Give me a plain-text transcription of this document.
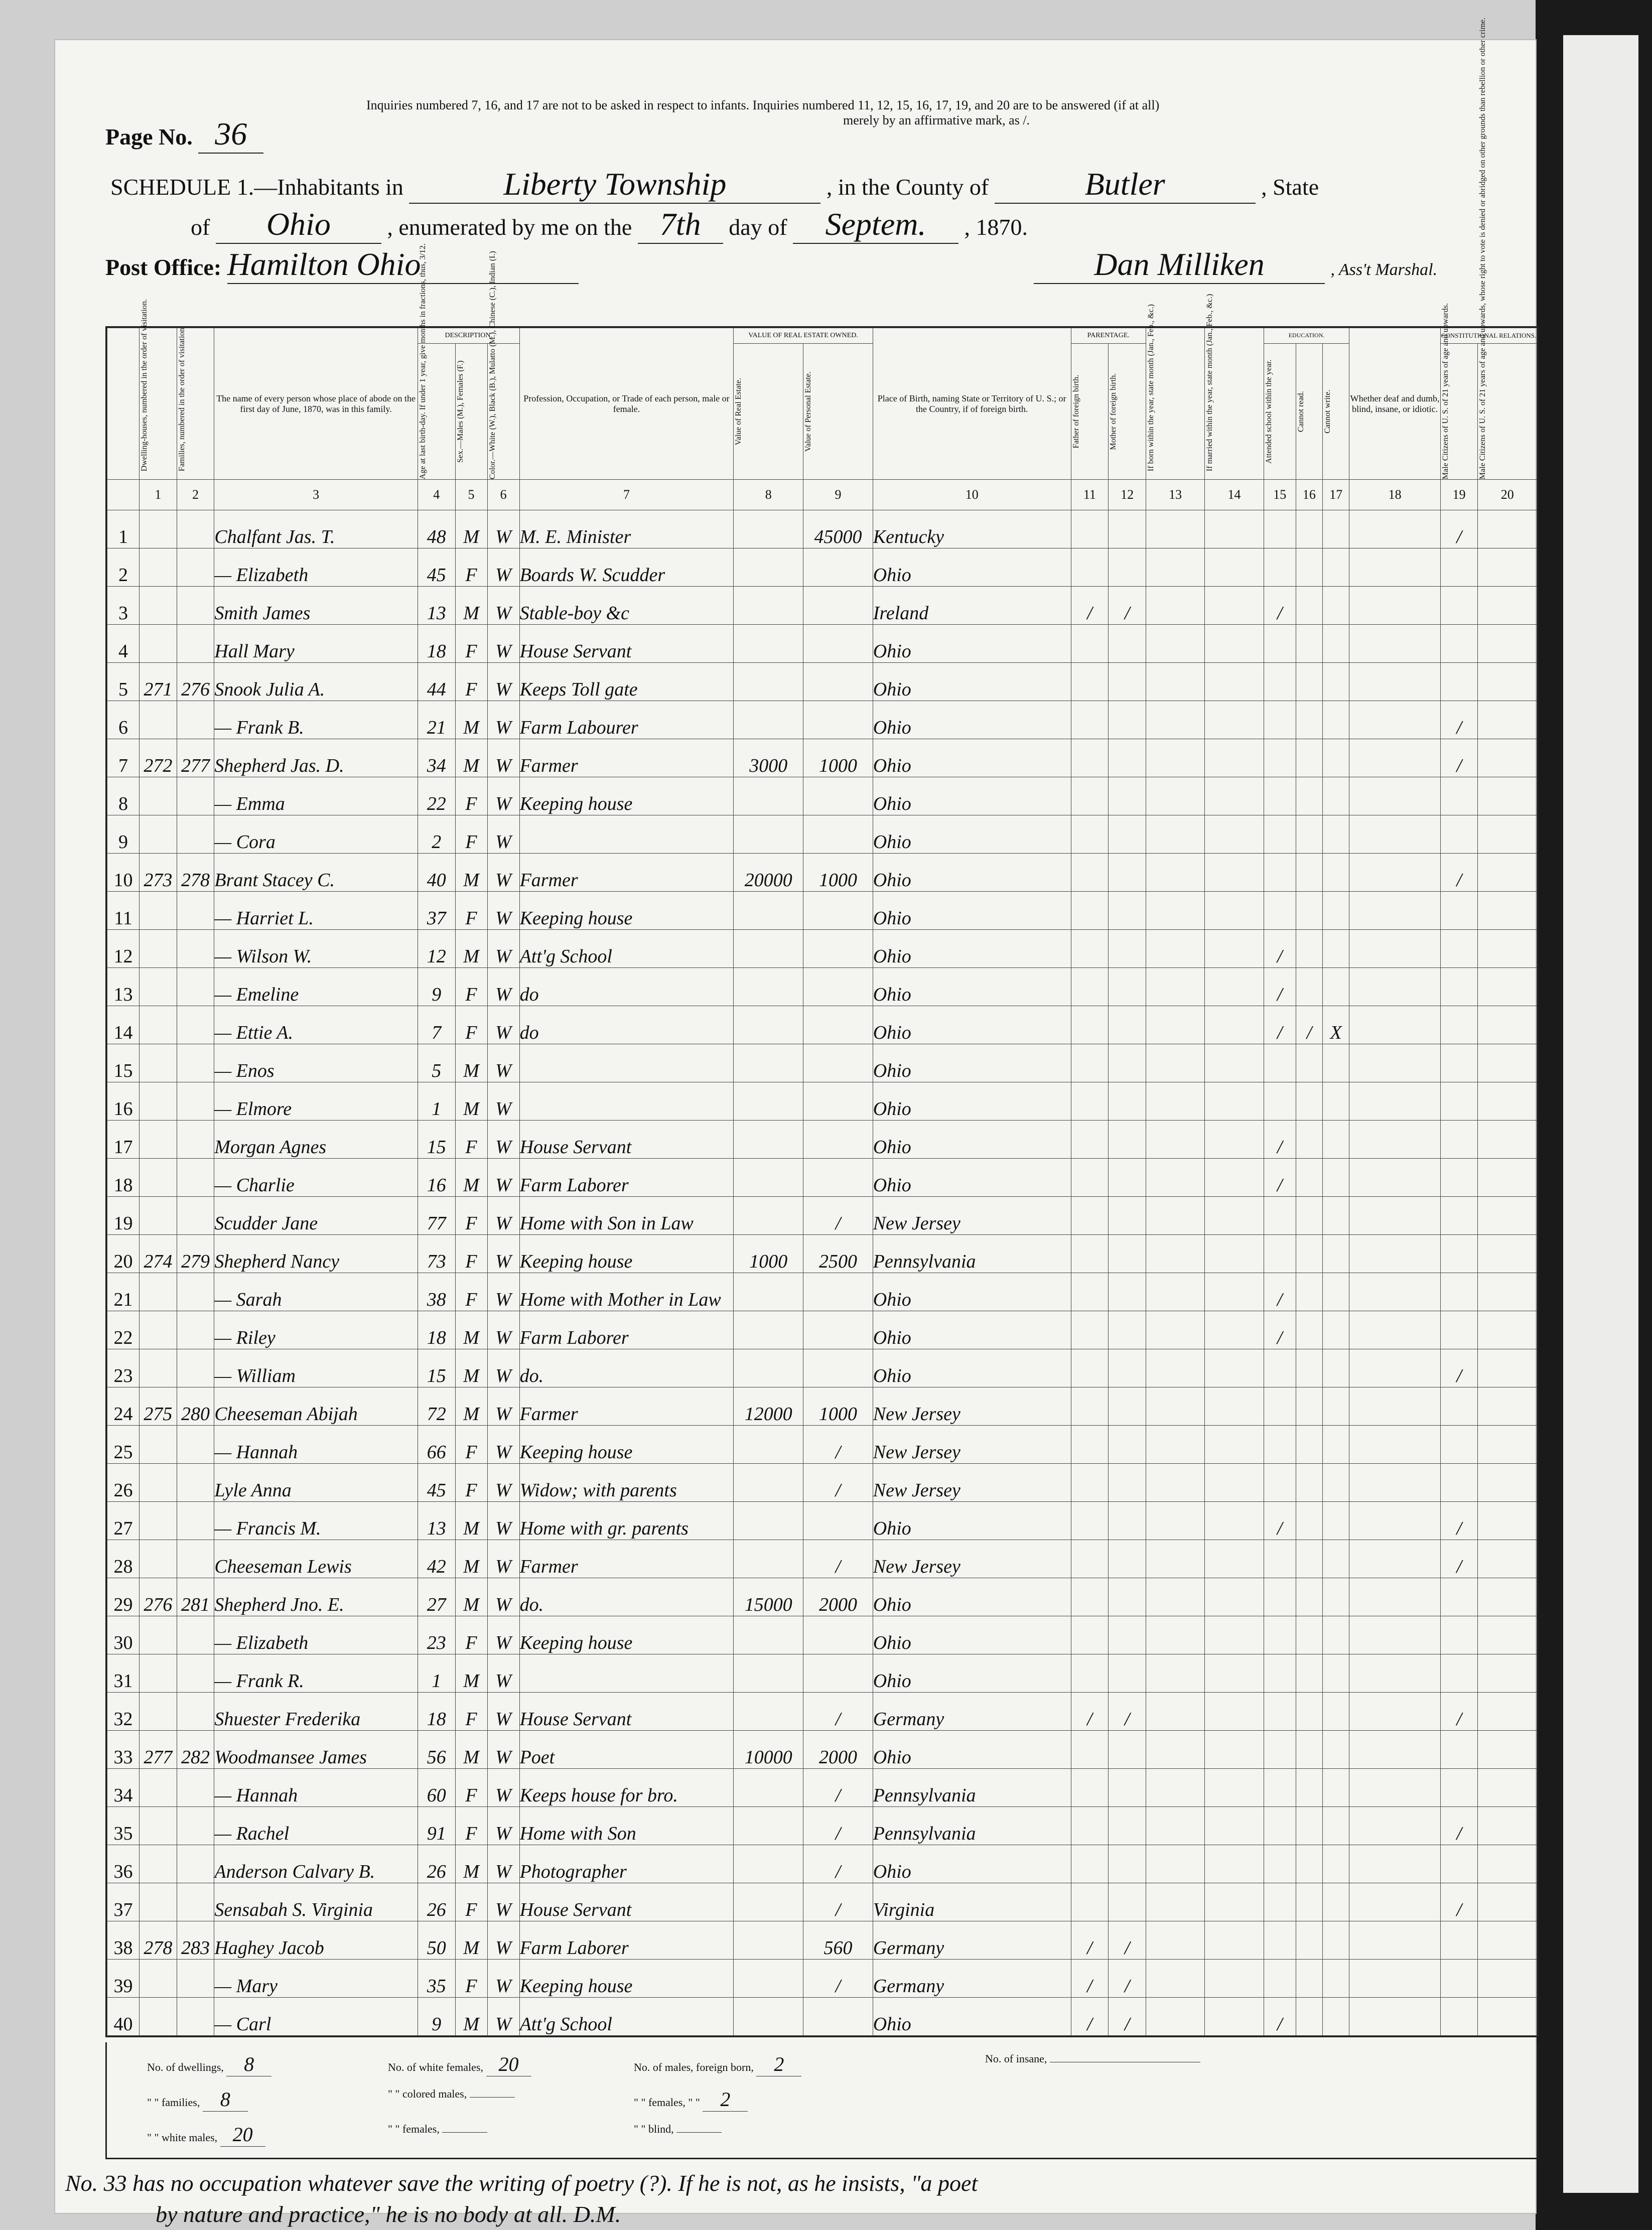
Page No. 36
Inquiries numbered 7, 16, and 17 are not to be asked in respect to infants. Inquiries numbered 11, 12, 15, 16, 17, 19, and 20 are to be answered (if at all)
merely by an affirmative mark, as /.
SCHEDULE 1.—Inhabitants in	Liberty Township	, in the County of	Butler	, State
of Ohio , enumerated by me on the 7th day of Septem. , 1870.
Post Office: Hamilton Ohio	Dan Milliken	, Ass't Marshal.

	Dwelling-houses, numbered in the order of visitation.	Families, numbered in the order of visitation.	The name of every person whose place of abode on the first day of June, 1870, was in this family.	DESCRIPTION.			Profession, Occupation, or Trade of each person, male or female.	VALUE OF REAL ESTATE OWNED.		Place of Birth, naming State or Territory of U. S.; or the Country, if of foreign birth.	PARENTAGE.		If born within the year, state month (Jan., Feb., &c.)	If married within the year, state month (Jan., Feb., &c.)	EDUCATION.			Whether deaf and dumb, blind, insane, or idiotic.	CONSTITUTIONAL RELATIONS.	

				Age at last birth-day. If under 1 year, give months in fractions, thus, 3/12.	Sex.—Males (M.), Females (F.)	Color.—White (W.), Black (B.), Mulatto (M.), Chinese (C.), Indian (I.)		Value of Real Estate.	Value of Personal Estate.		Father of foreign birth.	Mother of foreign birth.			Attended school within the year.	Cannot read.	Cannot write.		Male Citizens of U. S. of 21 years of age and upwards.	Male Citizens of U. S. of 21 years of age and upwards, whose right to vote is denied or abridged on other grounds than rebellion or other crime.

	1	2	3	4	5	6	7	8	9	10	11	12	13	14	15	16	17	18	19	20
1			Chalfant Jas. T.	48	M	W	M. E. Minister		45000	Kentucky									/	
2			— Elizabeth	45	F	W	Boards W. Scudder			Ohio										
3			Smith James	13	M	W	Stable-boy &c			Ireland	/	/			/					
4			Hall Mary	18	F	W	House Servant			Ohio										
5	271	276	Snook Julia A.	44	F	W	Keeps Toll gate			Ohio										
6			— Frank B.	21	M	W	Farm Labourer			Ohio									/	
7	272	277	Shepherd Jas. D.	34	M	W	Farmer	3000	1000	Ohio									/	
8			— Emma	22	F	W	Keeping house			Ohio										
9			— Cora	2	F	W				Ohio										
10	273	278	Brant Stacey C.	40	M	W	Farmer	20000	1000	Ohio									/	
11			— Harriet L.	37	F	W	Keeping house			Ohio										
12			— Wilson W.	12	M	W	Att'g School			Ohio					/					
13			— Emeline	9	F	W	do			Ohio					/					
14			— Ettie A.	7	F	W	do			Ohio					/	/	X			
15			— Enos	5	M	W				Ohio										
16			— Elmore	1	M	W				Ohio										
17			Morgan Agnes	15	F	W	House Servant			Ohio					/					
18			— Charlie	16	M	W	Farm Laborer			Ohio					/					
19			Scudder Jane	77	F	W	Home with Son in Law		/	New Jersey										
20	274	279	Shepherd Nancy	73	F	W	Keeping house	1000	2500	Pennsylvania										
21			— Sarah	38	F	W	Home with Mother in Law			Ohio					/					
22			— Riley	18	M	W	Farm Laborer			Ohio					/					
23			— William	15	M	W	do.			Ohio									/	
24	275	280	Cheeseman Abijah	72	M	W	Farmer	12000	1000	New Jersey										
25			— Hannah	66	F	W	Keeping house		/	New Jersey										
26			Lyle Anna	45	F	W	Widow; with parents		/	New Jersey										
27			— Francis M.	13	M	W	Home with gr. parents			Ohio					/				/	
28			Cheeseman Lewis	42	M	W	Farmer		/	New Jersey									/	
29	276	281	Shepherd Jno. E.	27	M	W	do.	15000	2000	Ohio										
30			— Elizabeth	23	F	W	Keeping house			Ohio										
31			— Frank R.	1	M	W				Ohio										
32			Shuester Frederika	18	F	W	House Servant		/	Germany	/	/							/	
33	277	282	Woodmansee James	56	M	W	Poet	10000	2000	Ohio										
34			— Hannah	60	F	W	Keeps house for bro.		/	Pennsylvania										
35			— Rachel	91	F	W	Home with Son		/	Pennsylvania									/	
36			Anderson Calvary B.	26	M	W	Photographer		/	Ohio										
37			Sensabah S. Virginia	26	F	W	House Servant		/	Virginia									/	
38	278	283	Haghey Jacob	50	M	W	Farm Laborer		560	Germany	/	/								
39			— Mary	35	F	W	Keeping house		/	Germany	/	/								
40			— Carl	9	M	W	Att'g School			Ohio	/	/			/					
No. of dwellings, 8
" " families, 8
" " white males, 20
No. of white females, 20
" " colored males,
" " females,
No. of males, foreign born, 2
" " females, " " 2
" " blind,
No. of insane,
No. 33 has no occupation whatever save the writing of poetry (?). If he is not, as he insists, "a poet
by nature and practice," he is no body at all. D.M.
